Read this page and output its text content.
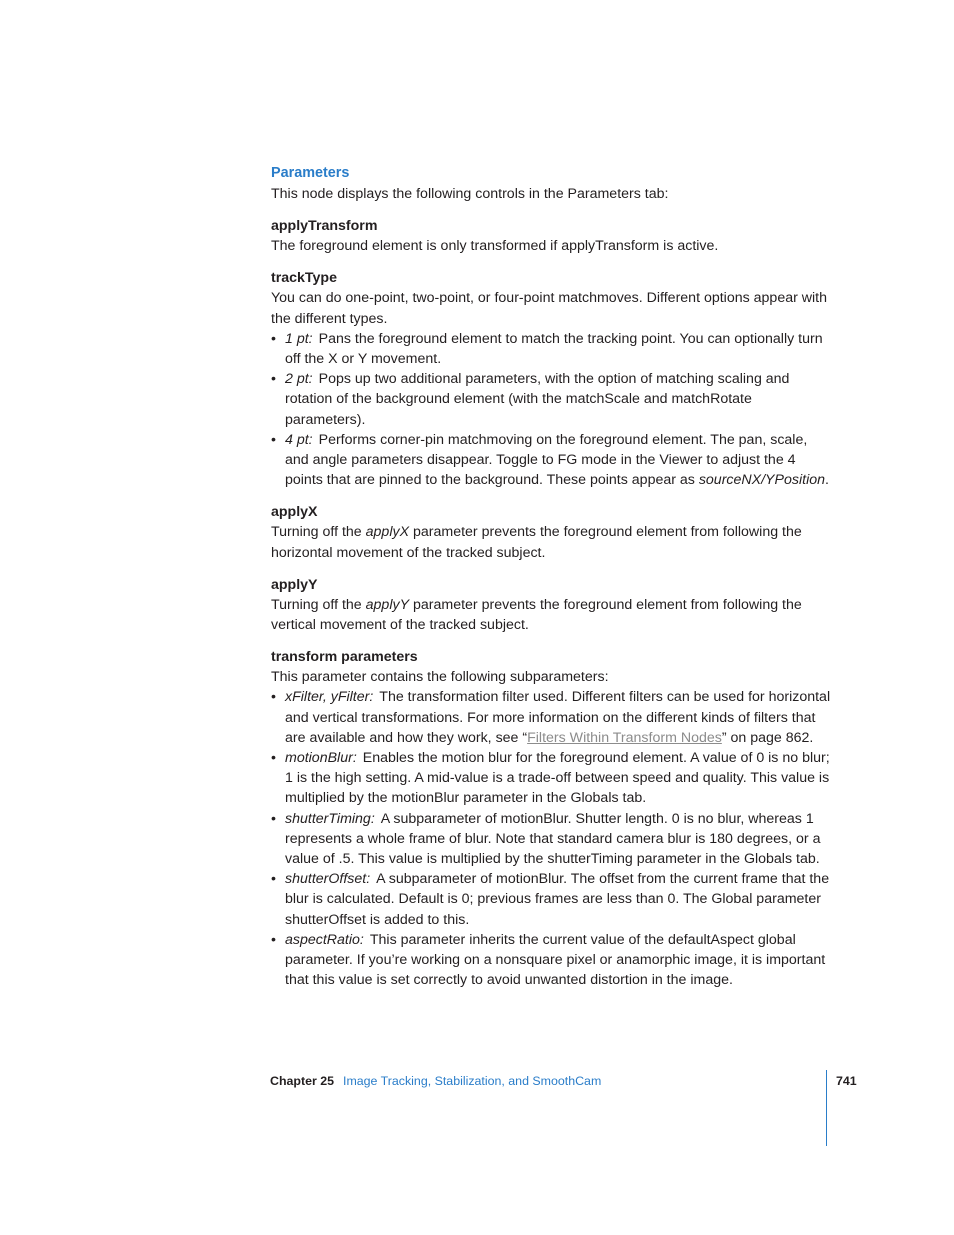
Parameters

This node displays the following controls in the Parameters tab:

applyTransform

The foreground element is only transformed if applyTransform is active.

trackType

You can do one-point, two-point, or four-point matchmoves. Different options appear with the different types.

• 1 pt: Pans the foreground element to match the tracking point. You can optionally turn off the X or Y movement.
• 2 pt: Pops up two additional parameters, with the option of matching scaling and rotation of the background element (with the matchScale and matchRotate parameters).
• 4 pt: Performs corner-pin matchmoving on the foreground element. The pan, scale, and angle parameters disappear. Toggle to FG mode in the Viewer to adjust the 4 points that are pinned to the background. These points appear as sourceNX/YPosition.
applyX

Turning off the applyX parameter prevents the foreground element from following the horizontal movement of the tracked subject.

applyY

Turning off the applyY parameter prevents the foreground element from following the vertical movement of the tracked subject.

transform parameters

This parameter contains the following subparameters:

• xFilter, yFilter: The transformation filter used. Different filters can be used for horizontal and vertical transformations. For more information on the different kinds of filters that are available and how they work, see “Filters Within Transform Nodes” on page 862.
• motionBlur: Enables the motion blur for the foreground element. A value of 0 is no blur; 1 is the high setting. A mid-value is a trade-off between speed and quality. This value is multiplied by the motionBlur parameter in the Globals tab.
• shutterTiming: A subparameter of motionBlur. Shutter length. 0 is no blur, whereas 1 represents a whole frame of blur. Note that standard camera blur is 180 degrees, or a value of .5. This value is multiplied by the shutterTiming parameter in the Globals tab.
• shutterOffset: A subparameter of motionBlur. The offset from the current frame that the blur is calculated. Default is 0; previous frames are less than 0. The Global parameter shutterOffset is added to this.
• aspectRatio: This parameter inherits the current value of the defaultAspect global parameter. If you’re working on a nonsquare pixel or anamorphic image, it is important that this value is set correctly to avoid unwanted distortion in the image.
Chapter 25 Image Tracking, Stabilization, and SmoothCam	741
